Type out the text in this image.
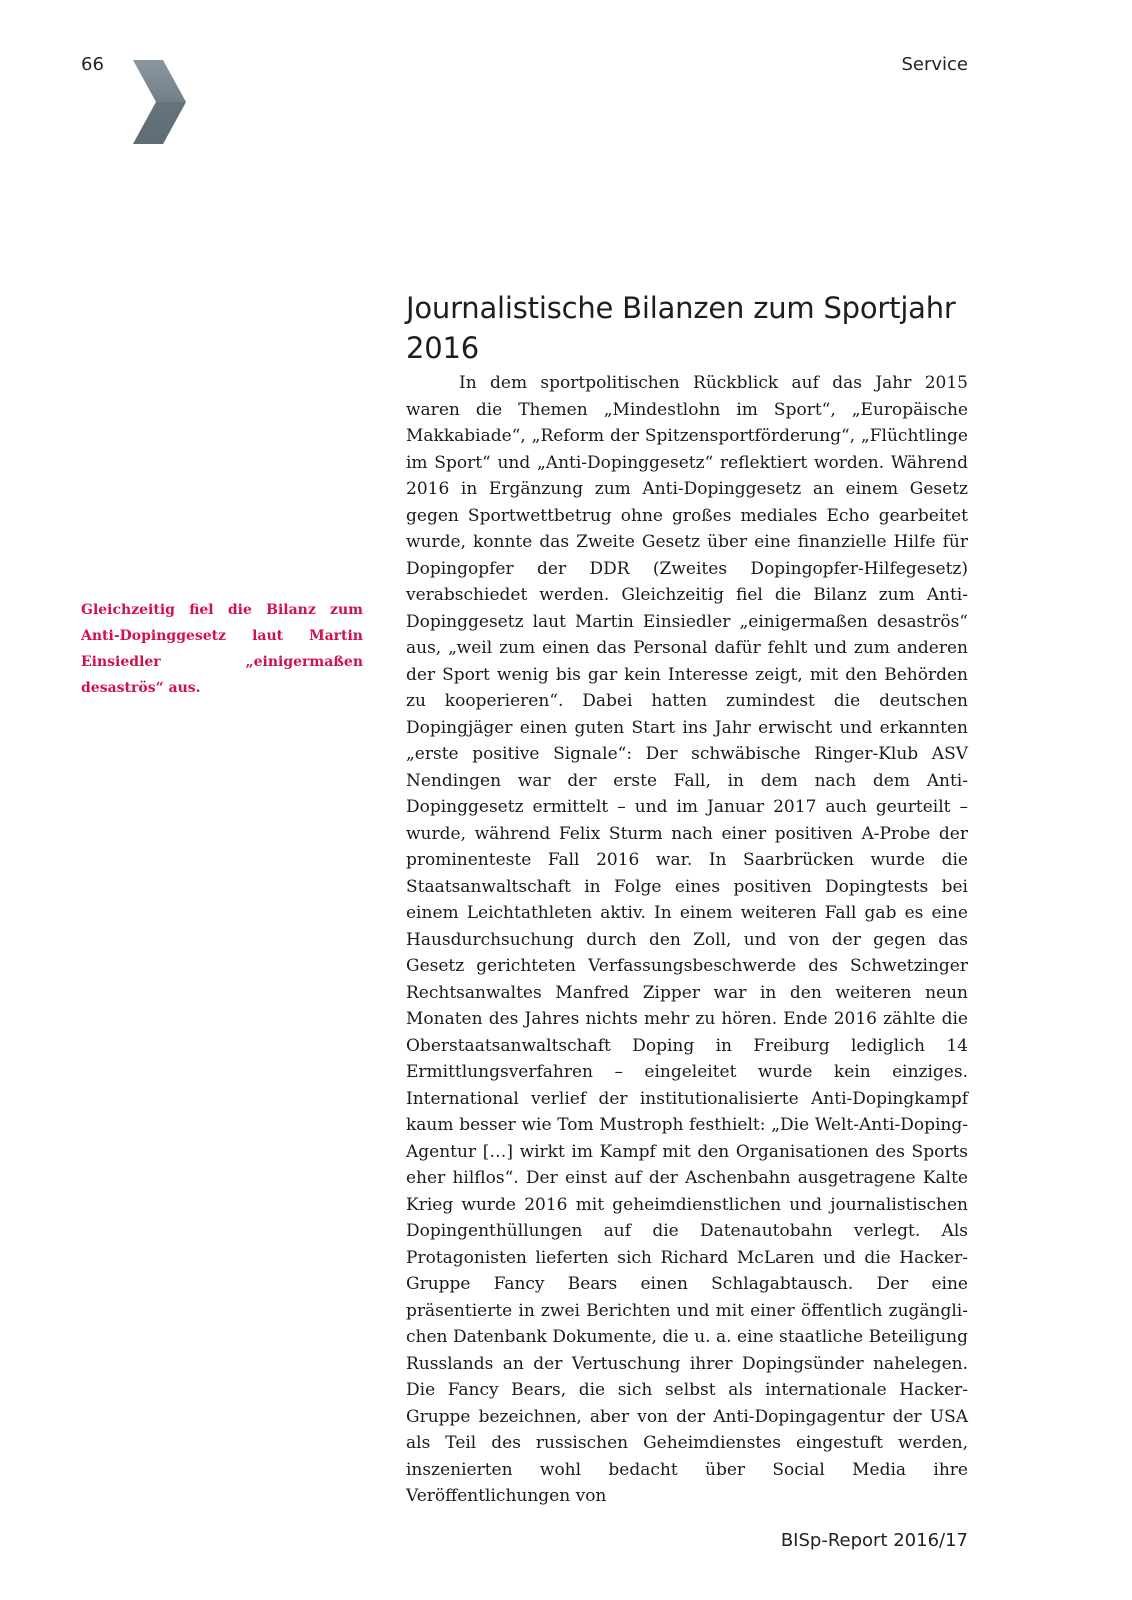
66	Service

Gleichzeitig fiel die Bilanz zum Anti-Dopinggesetz laut Martin Einsiedler „einigermaßen desaströs“ aus.

Journalistische Bilanzen zum Sportjahr 2016

In dem sportpolitischen Rückblick auf das Jahr 2015 waren die Themen „Mindestlohn im Sport“, „Europäische Makkabiade“, „Reform der Spitzensportförderung“, „Flüchtlinge im Sport“ und „Anti-Dopinggesetz“ reflektiert worden. Während 2016 in Ergänzung zum Anti-Dopinggesetz an einem Gesetz gegen Sportwettbetrug ohne großes mediales Echo gearbeitet wurde, konnte das Zweite Gesetz über eine finanzielle Hilfe für Dopingopfer der DDR (Zweites Dopingopfer-Hilfegesetz) verabschiedet werden. Gleichzeitig fiel die Bilanz zum Anti-Dopinggesetz laut Martin Einsiedler „einigermaßen desaströs“ aus, „weil zum einen das Personal dafür fehlt und zum anderen der Sport wenig bis gar kein Interesse zeigt, mit den Behörden zu kooperieren“. Dabei hatten zumindest die deutschen Dopingjäger einen guten Start ins Jahr erwischt und erkannten „erste positive Signale“: Der schwäbische Ringer-Klub ASV Nendingen war der erste Fall, in dem nach dem Anti-Dopinggesetz ermittelt – und im Januar 2017 auch geurteilt – wurde, während Felix Sturm nach einer positiven A-Probe der prominenteste Fall 2016 war. In Saarbrücken wurde die Staatsanwaltschaft in Folge eines positiven Dopingtests bei einem Leichtathleten aktiv. In einem weiteren Fall gab es eine Hausdurchsuchung durch den Zoll, und von der gegen das Gesetz gerichteten Verfassungsbeschwerde des Schwetzinger Rechtsanwaltes Manfred Zipper war in den weiteren neun Monaten des Jahres nichts mehr zu hören. Ende 2016 zählte die Oberstaatsanwaltschaft Doping in Freiburg lediglich 14 Ermittlungsverfahren – eingeleitet wurde kein einziges. International verlief der institutionalisierte Anti-Dopingkampf kaum besser wie Tom Mustroph festhielt: „Die Welt-Anti-Doping-Agentur […] wirkt im Kampf mit den Organisationen des Sports eher hilflos“. Der einst auf der Aschenbahn ausgetragene Kalte Krieg wurde 2016 mit geheimdienstlichen und journalistischen Dopingenthüllungen auf die Datenautobahn verlegt. Als Protagonisten lieferten sich Richard McLaren und die Hacker-Gruppe Fancy Bears einen Schlagabtausch. Der eine präsentierte in zwei Berichten und mit einer öffentlich zugänglichen Datenbank Dokumente, die u. a. eine staatliche Beteiligung Russlands an der Vertuschung ihrer Dopingsünder nahelegen. Die Fancy Bears, die sich selbst als internationale Hacker-Gruppe bezeichnen, aber von der Anti-Dopingagentur der USA als Teil des russischen Geheimdienstes eingestuft werden, inszenierten wohl bedacht über Social Media ihre Veröffentlichungen von

BISp-Report 2016/17
